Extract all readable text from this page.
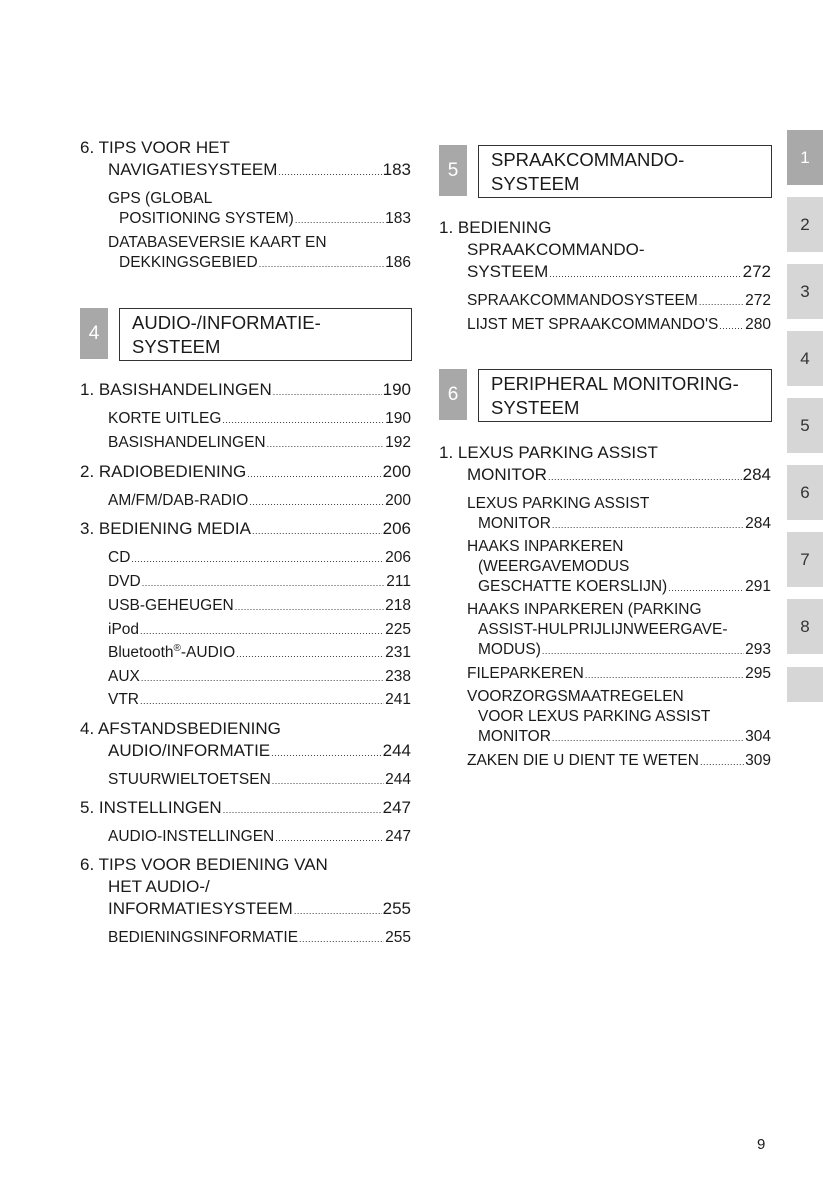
6. TIPS VOOR HET
NAVIGATIESYSTEEM .....	183
GPS (GLOBAL
POSITIONING SYSTEM) .....	183
DATABASEVERSIE KAART EN
DEKKINGSGEBIED .....	186
4	AUDIO-/INFORMATIE-
SYSTEEM
1. BASISHANDELINGEN .....	190
KORTE UITLEG .....	190
BASISHANDELINGEN .....	192
2. RADIOBEDIENING .....	200
AM/FM/DAB-RADIO .....	200
3. BEDIENING MEDIA .....	206
CD .....	206
DVD .....	211
USB-GEHEUGEN .....	218
iPod .....	225
Bluetooth®-AUDIO .....	231
AUX .....	238
VTR .....	241
4. AFSTANDSBEDIENING
AUDIO/INFORMATIE .....	244
STUURWIELTOETSEN .....	244
5. INSTELLINGEN .....	247
AUDIO-INSTELLINGEN .....	247
6. TIPS VOOR BEDIENING VAN
HET AUDIO-/
INFORMATIESYSTEEM .....	255
BEDIENINGSINFORMATIE .....	255
5	SPRAAKCOMMANDO-
SYSTEEM
1. BEDIENING
SPRAAKCOMMANDO-
SYSTEEM .....	272
SPRAAKCOMMANDOSYSTEEM .....	272
LIJST MET SPRAAKCOMMANDO'S ..... 280
6	PERIPHERAL MONITORING-
SYSTEEM
1. LEXUS PARKING ASSIST
MONITOR .....	284
LEXUS PARKING ASSIST
MONITOR .....	284
HAAKS INPARKEREN
(WEERGAVEMODUS
GESCHATTE KOERSLIJN) .....	291
HAAKS INPARKEREN (PARKING
ASSIST-HULPRIJLIJNWEERGAVE-
MODUS) .....	293
FILEPARKEREN .....	295
VOORZORGSMAATREGELEN
VOOR LEXUS PARKING ASSIST
MONITOR .....	304
ZAKEN DIE U DIENT TE WETEN .....	309
1
2
3
4
5
6
7
8
9
